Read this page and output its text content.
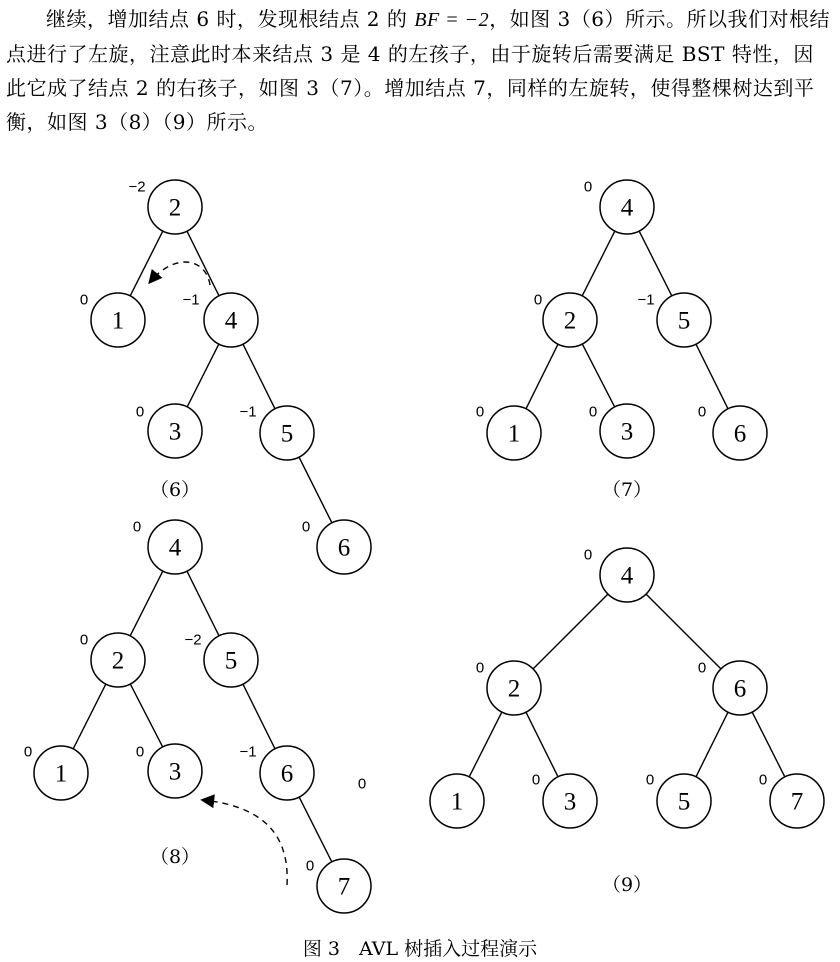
继续，增加结点 6 时，发现根结点 2 的 BF = −2，如图 3（6）所示。所以我们对根结点进行了左旋，注意此时本来结点 3 是 4 的左孩子，由于旋转后需要满足 BST 特性，因此它成了结点 2 的右孩子，如图 3（7）。增加结点 7，同样的左旋转，使得整棵树达到平衡，如图 3（8）（9）所示。

2
1	4
3	5
6
4
2	5
1	3	6
4
2	5
1	3	6
7
4
2	6
1	3	5	7
−2
0	−1
0	−1
0
（6）
0
0	−1
0	0	0
（7）
0
0	−2
0	0	−1
0
0
（8）
0
0	0
0	0	0
（9）
图 3　AVL 树插入过程演示
